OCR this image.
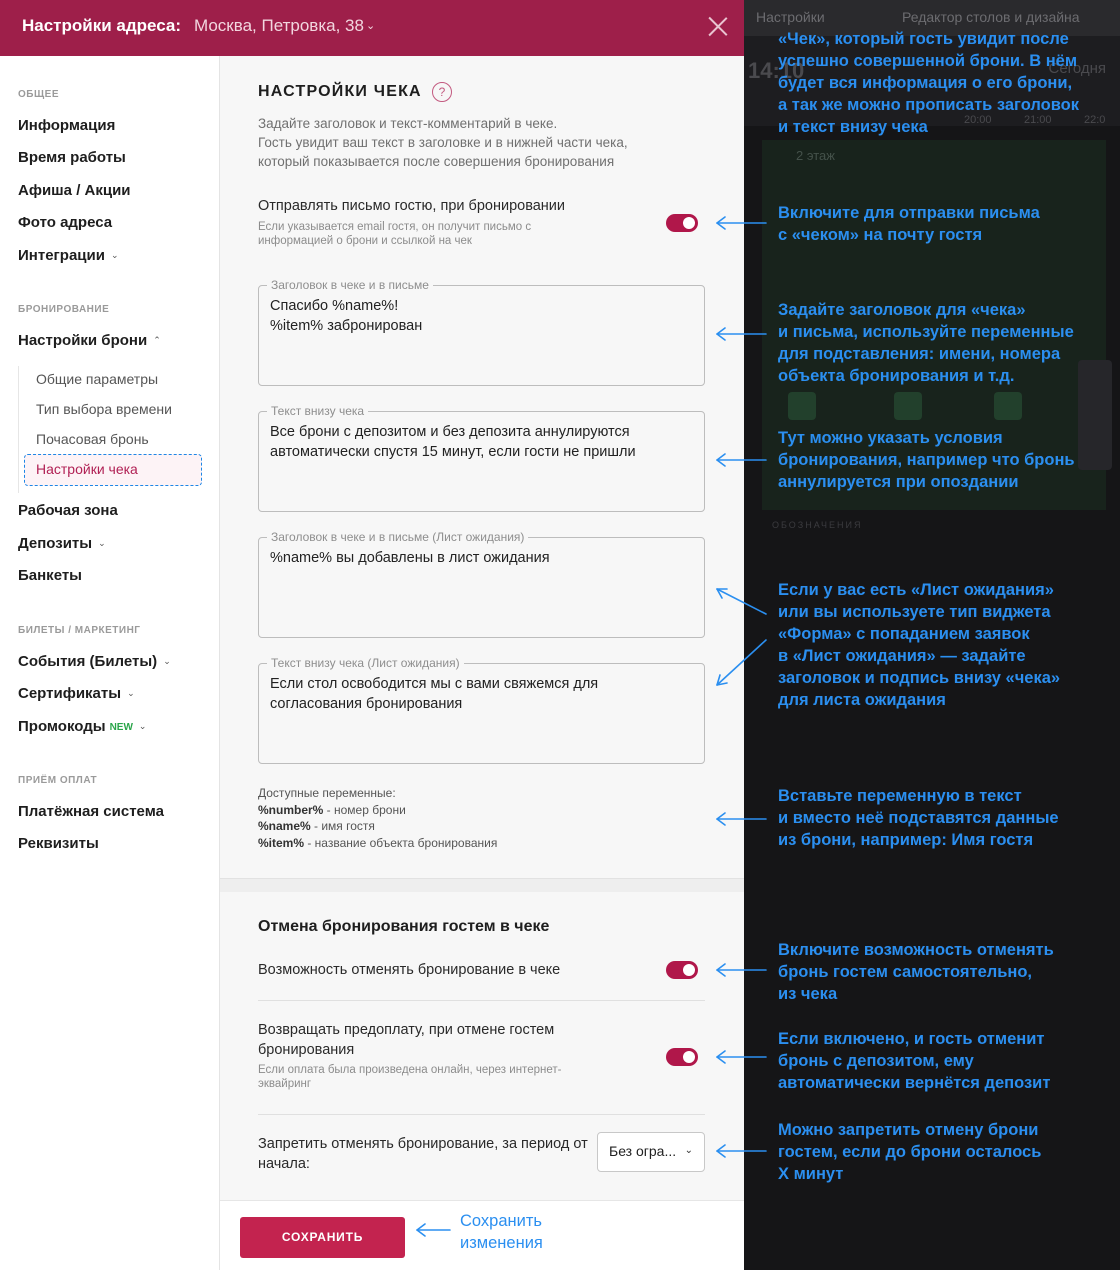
Настройки	Редактор столов и дизайна
14:10	Сегодня
20:00	21:00	22:0
2 этаж
ОБОЗНАЧЕНИЯ
Настройки адреса: Москва, Петровка, 38 ⌄
ОБЩЕЕ
Информация
Время работы
Афиша / Акции
Фото адреса
Интеграции ⌄
БРОНИРОВАНИЕ
Настройки брони ⌃
Общие параметры
Тип выбора времени
Почасовая бронь
Настройки чека
Рабочая зона
Депозиты ⌄
Банкеты
БИЛЕТЫ / МАРКЕТИНГ
События (Билеты) ⌄
Сертификаты ⌄
Промокоды NEW ⌄
ПРИЁМ ОПЛАТ
Платёжная система
Реквизиты
НАСТРОЙКИ ЧЕКА	?
Задайте заголовок и текст-комментарий в чеке.
Гость увидит ваш текст в заголовке и в нижней части чека,
который показывается после совершения бронирования
Отправлять письмо гостю, при бронировании
Если указывается email гостя, он получит письмо с информацией о брони и ссылкой на чек
Заголовок в чеке и в письме
Спасибо %name%!
%item% забронирован
Текст внизу чека
Все брони с депозитом и без депозита аннулируются автоматически спустя 15 минут, если гости не пришли
Заголовок в чеке и в письме (Лист ожидания)
%name% вы добавлены в лист ожидания
Текст внизу чека (Лист ожидания)
Если стол освободится мы с вами свяжемся для согласования бронирования
Доступные переменные:
%number% - номер брони
%name% - имя гостя
%item% - название объекта бронирования
Отмена бронирования гостем в чеке
Возможность отменять бронирование в чеке
Возвращать предоплату, при отмене гостем бронирования
Если оплата была произведена онлайн, через интернет-эквайринг
Запретить отменять бронирование, за период от начала:
Без огра... ⌄
СОХРАНИТЬ
«Чек», который гость увидит после
успешно совершенной брони. В нём
будет вся информация о его брони,
а так же можно прописать заголовок
и текст внизу чека
Включите для отправки письма
с «чеком» на почту гостя
Задайте заголовок для «чека»
и письма, используйте переменные
для подставления: имени, номера
объекта бронирования и т.д.
Тут можно указать условия
бронирования, например что бронь
аннулируется при опоздании
Если у вас есть «Лист ожидания»
или вы используете тип виджета
«Форма» с попаданием заявок
в «Лист ожидания» — задайте
заголовок и подпись внизу «чека»
для листа ожидания
Вставьте переменную в текст
и вместо неё подставятся данные
из брони, например: Имя гостя
Включите возможность отменять
бронь гостем самостоятельно,
из чека
Если включено, и гость отменит
бронь с депозитом, ему
автоматически вернётся депозит
Можно запретить отмену брони
гостем, если до брони осталось
X минут
Сохранить
изменения
